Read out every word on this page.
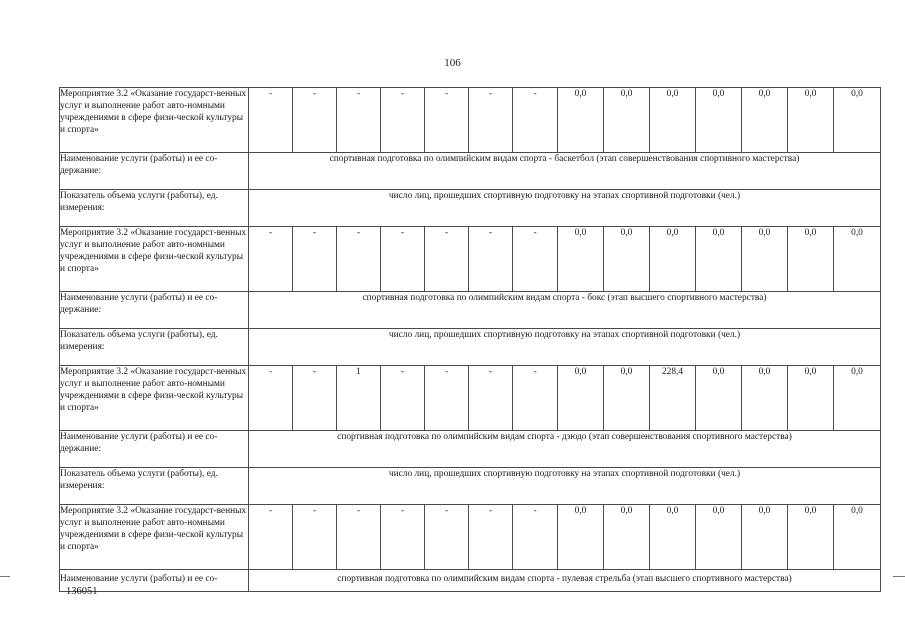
106
Мероприятие 3.2 «Оказание государст-венных услуг и выполнение работ авто-номными учреждениями в сфере физи-ческой культуры и спорта»	-	-	-	-	-	-	-	0,0	0,0	0,0	0,0	0,0	0,0	0,0
Наименование услуги (работы) и ее со-держание:	спортивная подготовка по олимпийским видам спорта - баскетбол (этап совершенствования спортивного мастерства)													
Показатель объема услуги (работы), ед. измерения:	число лиц, прошедших спортивную подготовку на этапах спортивной подготовки (чел.)													
Мероприятие 3.2 «Оказание государст-венных услуг и выполнение работ авто-номными учреждениями в сфере физи-ческой культуры и спорта»	-	-	-	-	-	-	-	0,0	0,0	0,0	0,0	0,0	0,0	0,0
Наименование услуги (работы) и ее со-держание:	спортивная подготовка по олимпийским видам спорта - бокс (этап высшего спортивного мастерства)													
Показатель объема услуги (работы), ед. измерения:	число лиц, прошедших спортивную подготовку на этапах спортивной подготовки (чел.)													
Мероприятие 3.2 «Оказание государст-венных услуг и выполнение работ авто-номными учреждениями в сфере физи-ческой культуры и спорта»	-	-	1	-	-	-	-	0,0	0,0	228,4	0,0	0,0	0,0	0,0
Наименование услуги (работы) и ее со-держание:	спортивная подготовка по олимпийским видам спорта - дзюдо (этап совершенствования спортивного мастерства)													
Показатель объема услуги (работы), ед. измерения:	число лиц, прошедших спортивную подготовку на этапах спортивной подготовки (чел.)													
Мероприятие 3.2 «Оказание государст-венных услуг и выполнение работ авто-номными учреждениями в сфере физи-ческой культуры и спорта»	-	-	-	-	-	-	-	0,0	0,0	0,0	0,0	0,0	0,0	0,0
Наименование услуги (работы) и ее со-	спортивная подготовка по олимпийским видам спорта - пулевая стрельба (этап высшего спортивного мастерства)													
136051
